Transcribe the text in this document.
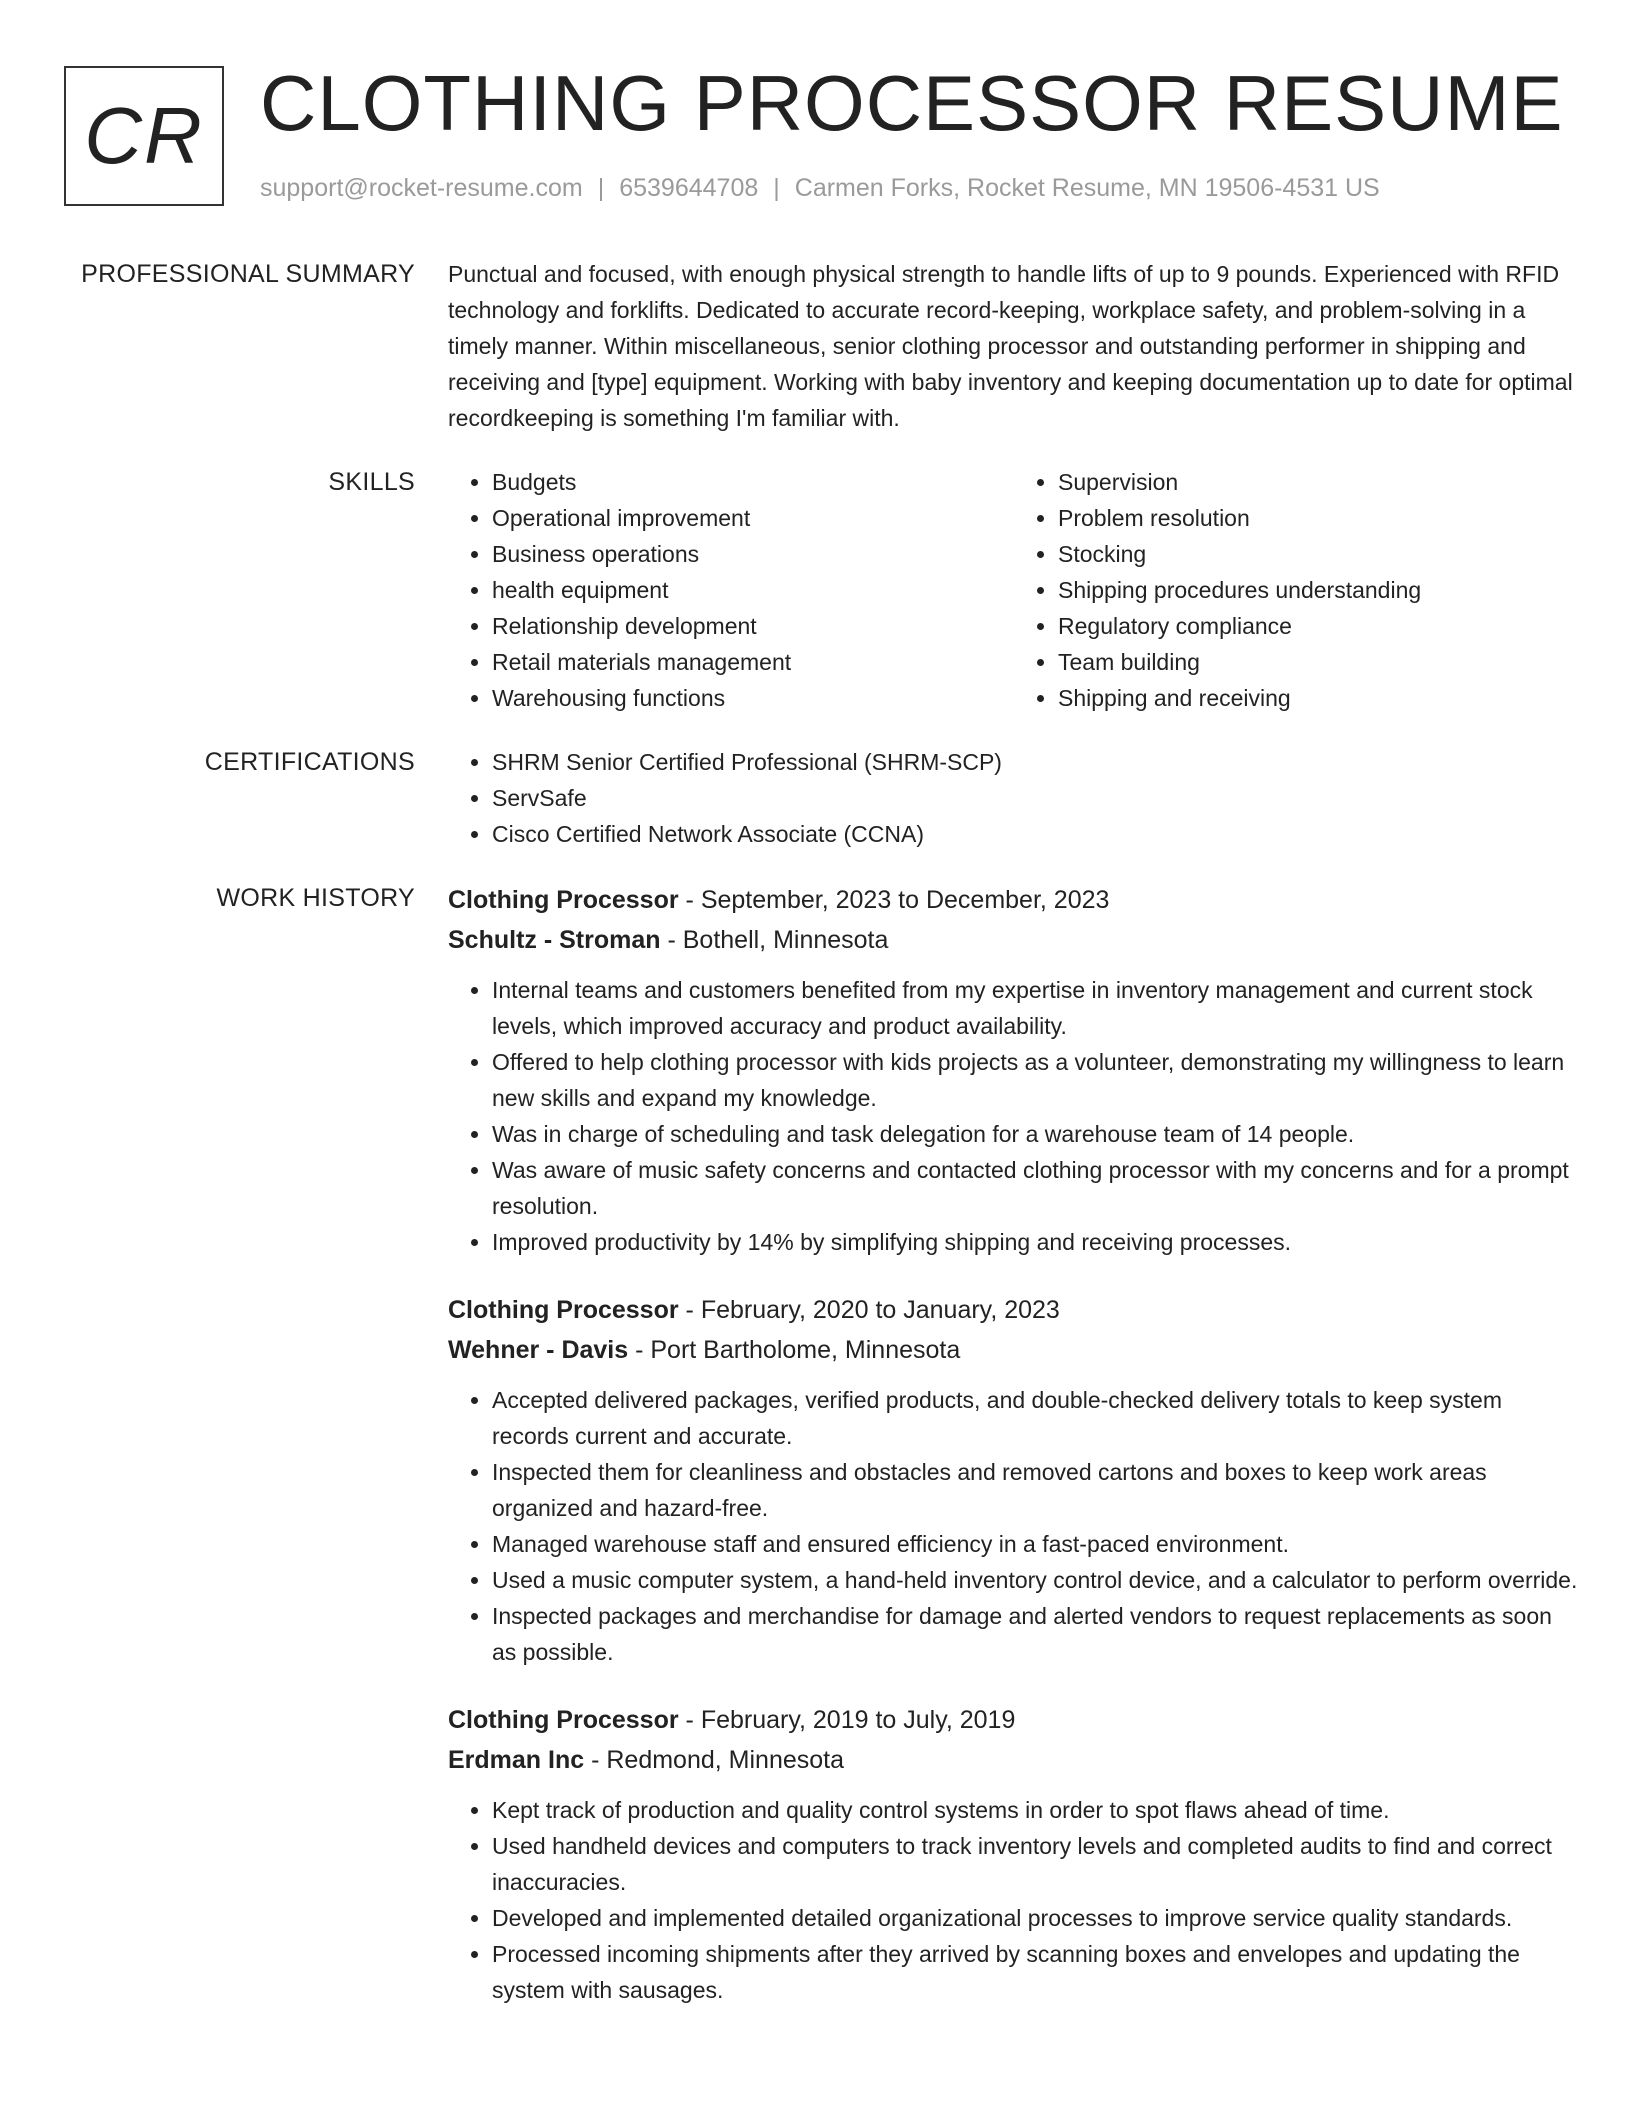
CR CLOTHING PROCESSOR RESUME
support@rocket-resume.com | 6539644708 | Carmen Forks, Rocket Resume, MN 19506-4531 US
PROFESSIONAL SUMMARY Punctual and focused, with enough physical strength to handle lifts of up to 9 pounds. Experienced with RFID technology and forklifts. Dedicated to accurate record-keeping, workplace safety, and problem-solving in a timely manner. Within miscellaneous, senior clothing processor and outstanding performer in shipping and receiving and [type] equipment. Working with baby inventory and keeping documentation up to date for optimal recordkeeping is something I'm familiar with.

SKILLS	• Budgets
• Operational improvement
• Business operations
• health equipment
• Relationship development
• Retail materials management
• Warehousing functions
• Supervision
• Problem resolution
• Stocking
• Shipping procedures understanding
• Regulatory compliance
• Team building
• Shipping and receiving
CERTIFICATIONS	• SHRM Senior Certified Professional (SHRM-SCP)
• ServSafe
• Cisco Certified Network Associate (CCNA)
WORK HISTORY Clothing Processor - September, 2023 to December, 2023
Schultz - Stroman - Bothell, Minnesota
• Internal teams and customers benefited from my expertise in inventory management and current stock levels, which improved accuracy and product availability.
• Offered to help clothing processor with kids projects as a volunteer, demonstrating my willingness to learn new skills and expand my knowledge.
• Was in charge of scheduling and task delegation for a warehouse team of 14 people.
• Was aware of music safety concerns and contacted clothing processor with my concerns and for a prompt resolution.
• Improved productivity by 14% by simplifying shipping and receiving processes.
Clothing Processor - February, 2020 to January, 2023
Wehner - Davis - Port Bartholome, Minnesota
• Accepted delivered packages, verified products, and double-checked delivery totals to keep system records current and accurate.
• Inspected them for cleanliness and obstacles and removed cartons and boxes to keep work areas organized and hazard-free.
• Managed warehouse staff and ensured efficiency in a fast-paced environment.
• Used a music computer system, a hand-held inventory control device, and a calculator to perform override.
• Inspected packages and merchandise for damage and alerted vendors to request replacements as soon as possible.
Clothing Processor - February, 2019 to July, 2019
Erdman Inc - Redmond, Minnesota
• Kept track of production and quality control systems in order to spot flaws ahead of time.
• Used handheld devices and computers to track inventory levels and completed audits to find and correct inaccuracies.
• Developed and implemented detailed organizational processes to improve service quality standards.
• Processed incoming shipments after they arrived by scanning boxes and envelopes and updating the system with sausages.
